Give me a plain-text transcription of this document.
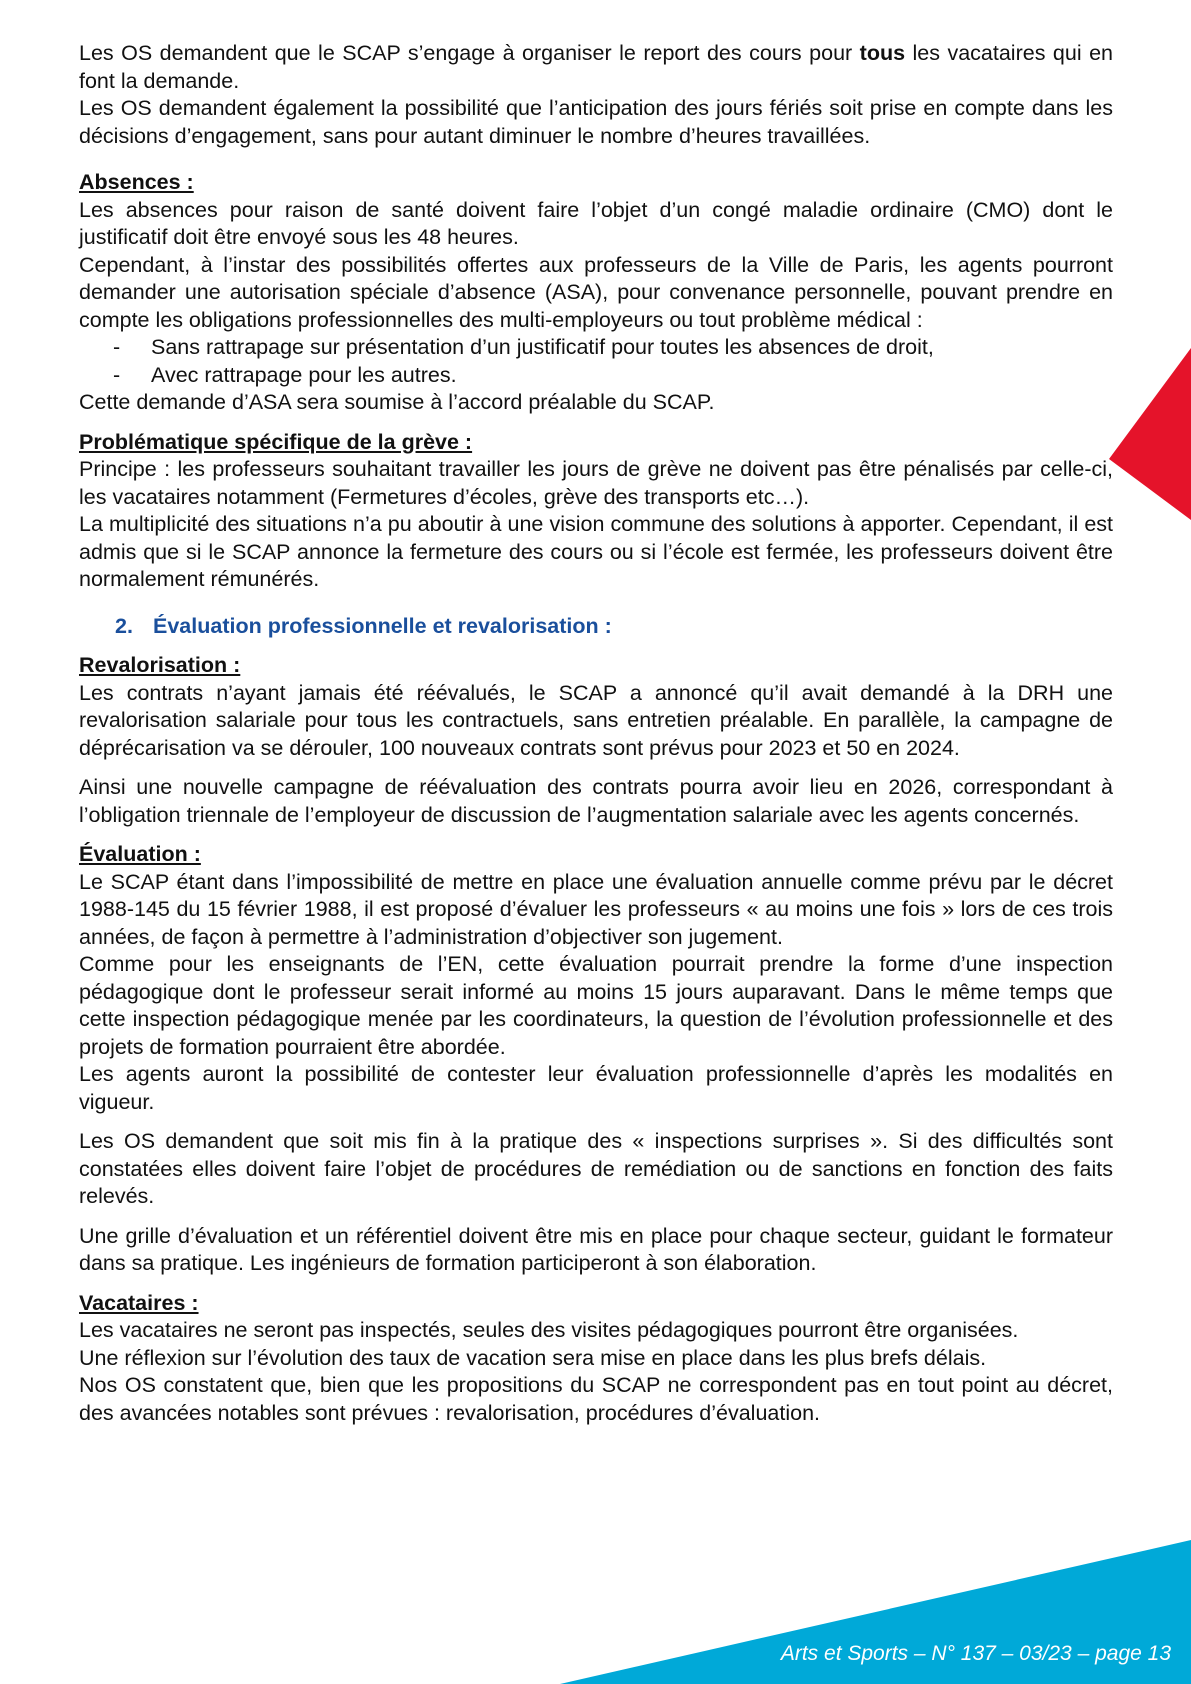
Arts et Sports – N° 137 – 03/23 – page 13

Les OS demandent que le SCAP s’engage à organiser le report des cours pour tous les vacataires qui en font la demande.

Les OS demandent également la possibilité que l’anticipation des jours fériés soit prise en compte dans les décisions d’engagement, sans pour autant diminuer le nombre d’heures travaillées.

Absences :

Les absences pour raison de santé doivent faire l’objet d’un congé maladie ordinaire (CMO) dont le justificatif doit être envoyé sous les 48 heures.

Cependant, à l’instar des possibilités offertes aux professeurs de la Ville de Paris, les agents pourront demander une autorisation spéciale d’absence (ASA), pour convenance personnelle, pouvant prendre en compte les obligations professionnelles des multi-employeurs ou tout problème médical :

- Sans rattrapage sur présentation d’un justificatif pour toutes les absences de droit,
- Avec rattrapage pour les autres.

Cette demande d’ASA sera soumise à l’accord préalable du SCAP.

Problématique spécifique de la grève :

Principe : les professeurs souhaitant travailler les jours de grève ne doivent pas être pénalisés par celle-ci, les vacataires notamment (Fermetures d’écoles, grève des transports etc…).

La multiplicité des situations n’a pu aboutir à une vision commune des solutions à apporter. Cependant, il est admis que si le SCAP annonce la fermeture des cours ou si l’école est fermée, les professeurs doivent être normalement rémunérés.

2. Évaluation professionnelle et revalorisation :

Revalorisation :

Les contrats n’ayant jamais été réévalués, le SCAP a annoncé qu’il avait demandé à la DRH une revalorisation salariale pour tous les contractuels, sans entretien préalable. En parallèle, la campagne de déprécarisation va se dérouler, 100 nouveaux contrats sont prévus pour 2023 et 50 en 2024.

Ainsi une nouvelle campagne de réévaluation des contrats pourra avoir lieu en 2026, correspondant à l’obligation triennale de l’employeur de discussion de l’augmentation salariale avec les agents concernés.

Évaluation :

Le SCAP étant dans l’impossibilité de mettre en place une évaluation annuelle comme prévu par le décret 1988-145 du 15 février 1988, il est proposé d’évaluer les professeurs « au moins une fois » lors de ces trois années, de façon à permettre à l’administration d’objectiver son jugement.

Comme pour les enseignants de l’EN, cette évaluation pourrait prendre la forme d’une inspection pédagogique dont le professeur serait informé au moins 15 jours auparavant. Dans le même temps que cette inspection pédagogique menée par les coordinateurs, la question de l’évolution professionnelle et des projets de formation pourraient être abordée.

Les agents auront la possibilité de contester leur évaluation professionnelle d’après les modalités en vigueur.

Les OS demandent que soit mis fin à la pratique des « inspections surprises ». Si des difficultés sont constatées elles doivent faire l’objet de procédures de remédiation ou de sanctions en fonction des faits relevés.

Une grille d’évaluation et un référentiel doivent être mis en place pour chaque secteur, guidant le formateur dans sa pratique. Les ingénieurs de formation participeront à son élaboration.

Vacataires :

Les vacataires ne seront pas inspectés, seules des visites pédagogiques pourront être organisées.

Une réflexion sur l’évolution des taux de vacation sera mise en place dans les plus brefs délais.

Nos OS constatent que, bien que les propositions du SCAP ne correspondent pas en tout point au décret, des avancées notables sont prévues : revalorisation, procédures d’évaluation.
